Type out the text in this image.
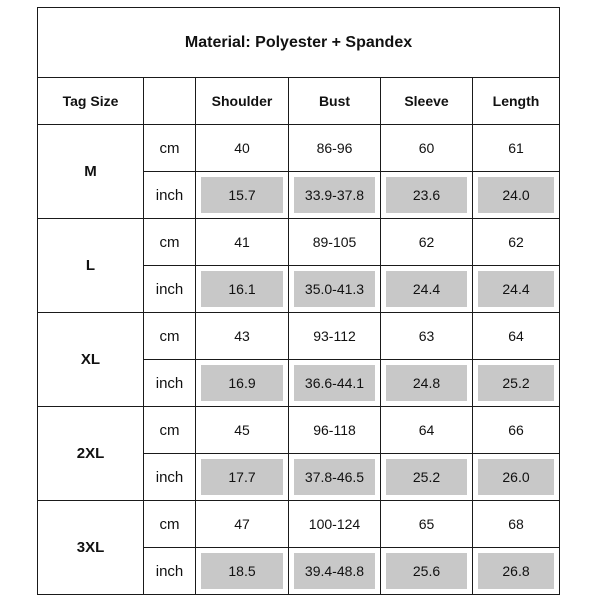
Material: Polyester + Spandex					
Tag Size		Shoulder	Bust	Sleeve	Length
M	cm	40	86-96	60	61
	inch	15.7	33.9-37.8	23.6	24.0
L	cm	41	89-105	62	62
	inch	16.1	35.0-41.3	24.4	24.4
XL	cm	43	93-112	63	64
	inch	16.9	36.6-44.1	24.8	25.2
2XL	cm	45	96-118	64	66
	inch	17.7	37.8-46.5	25.2	26.0
3XL	cm	47	100-124	65	68
	inch	18.5	39.4-48.8	25.6	26.8
